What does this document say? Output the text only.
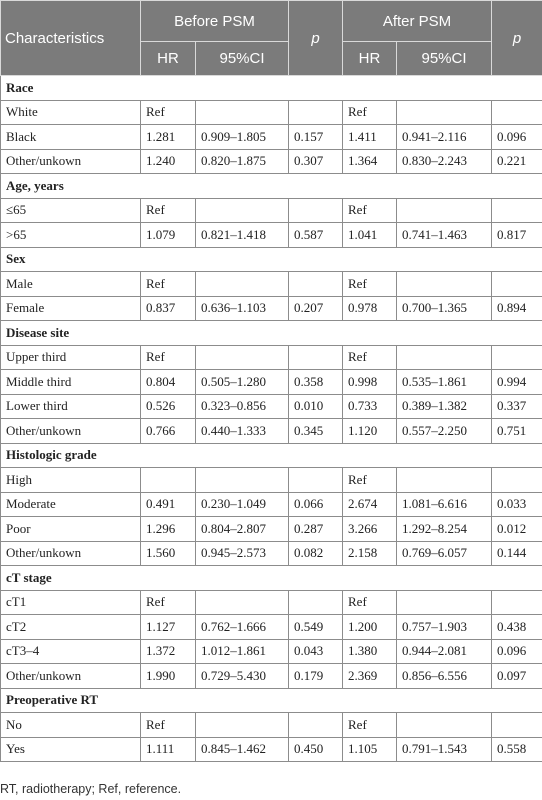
Characteristics	Before PSM		p	After PSM		p
	HR	95%CI		HR	95%CI	
Race						
White	Ref			Ref		
Black	1.281	0.909–1.805	0.157	1.411	0.941–2.116	0.096
Other/unkown	1.240	0.820–1.875	0.307	1.364	0.830–2.243	0.221
Age, years						
≤65	Ref			Ref		
>65	1.079	0.821–1.418	0.587	1.041	0.741–1.463	0.817
Sex						
Male	Ref			Ref		
Female	0.837	0.636–1.103	0.207	0.978	0.700–1.365	0.894
Disease site						
Upper third	Ref			Ref		
Middle third	0.804	0.505–1.280	0.358	0.998	0.535–1.861	0.994
Lower third	0.526	0.323–0.856	0.010	0.733	0.389–1.382	0.337
Other/unkown	0.766	0.440–1.333	0.345	1.120	0.557–2.250	0.751
Histologic grade						
High				Ref		
Moderate	0.491	0.230–1.049	0.066	2.674	1.081–6.616	0.033
Poor	1.296	0.804–2.807	0.287	3.266	1.292–8.254	0.012
Other/unkown	1.560	0.945–2.573	0.082	2.158	0.769–6.057	0.144
cT stage						
cT1	Ref			Ref		
cT2	1.127	0.762–1.666	0.549	1.200	0.757–1.903	0.438
cT3–4	1.372	1.012–1.861	0.043	1.380	0.944–2.081	0.096
Other/unkown	1.990	0.729–5.430	0.179	2.369	0.856–6.556	0.097
Preoperative RT						
No	Ref			Ref		
Yes	1.111	0.845–1.462	0.450	1.105	0.791–1.543	0.558
RT, radiotherapy; Ref, reference.
